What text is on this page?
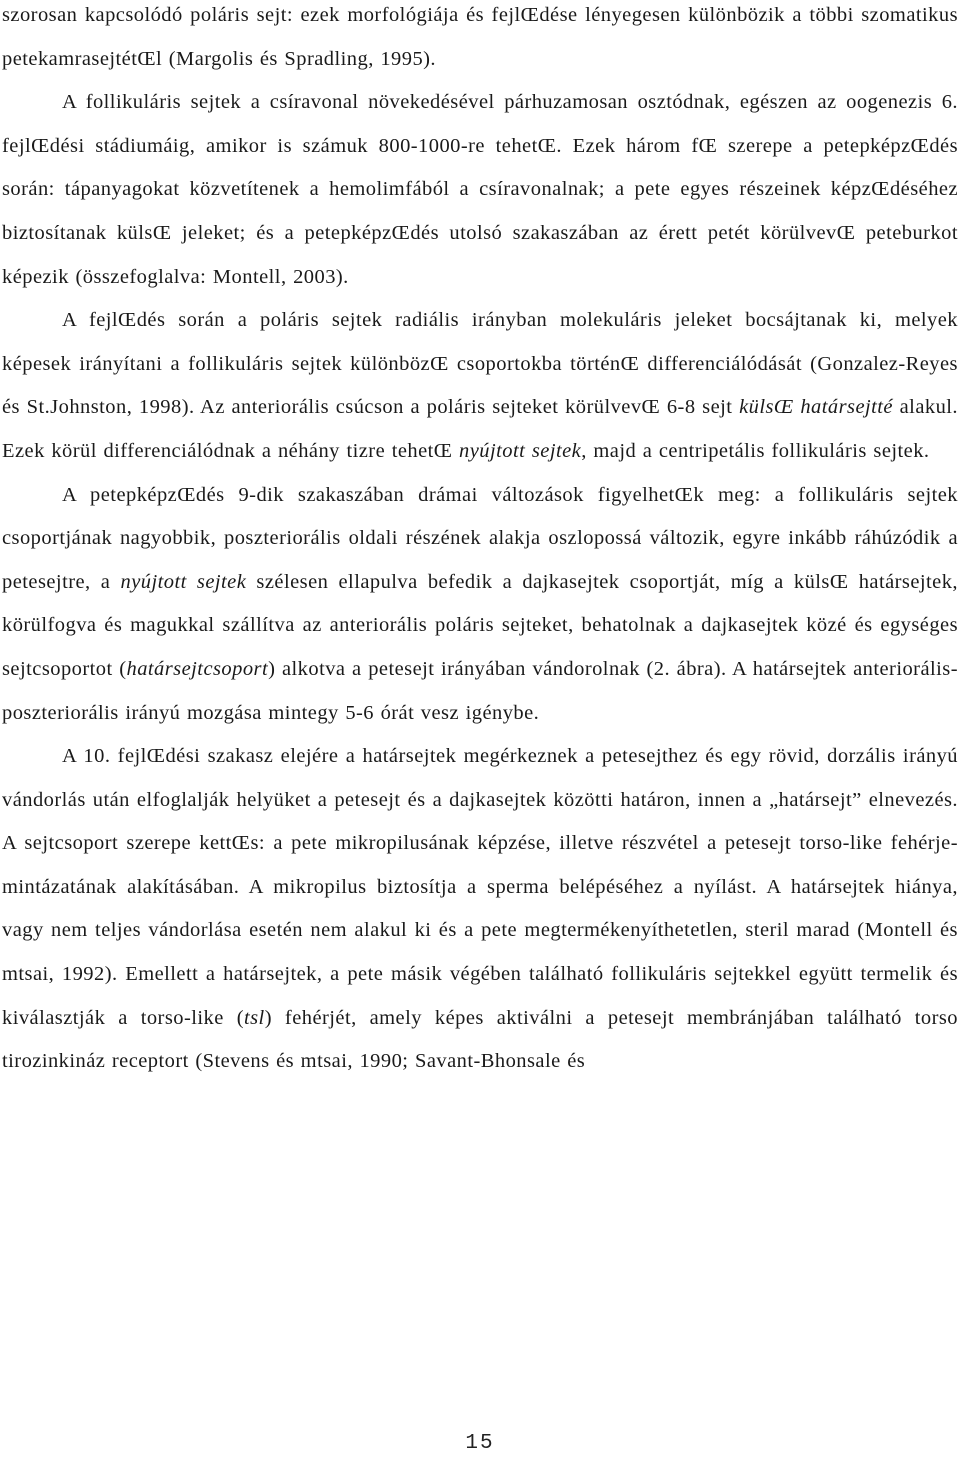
szorosan kapcsolódó poláris sejt: ezek morfológiája és fejlŒdése lényegesen különbözik a többi szomatikus petekamrasejtétŒl (Margolis és Spradling, 1995).

A follikuláris sejtek a csíravonal növekedésével párhuzamosan osztódnak, egészen az oogenezis 6. fejlŒdési stádiumáig, amikor is számuk 800-1000-re tehetŒ. Ezek három fŒ szerepe a petepképzŒdés során: tápanyagokat közvetítenek a hemolimfából a csíravonalnak; a pete egyes részeinek képzŒdéséhez biztosítanak külsŒ jeleket; és a petepképzŒdés utolsó szakaszában az érett petét körülvevŒ peteburkot képezik (összefoglalva: Montell, 2003).

A fejlŒdés során a poláris sejtek radiális irányban molekuláris jeleket bocsájtanak ki, melyek képesek irányítani a follikuláris sejtek különbözŒ csoportokba történŒ differenciálódását (Gonzalez-Reyes és St.Johnston, 1998). Az anteriorális csúcson a poláris sejteket körülvevŒ 6-8 sejt külsŒ határsejtté alakul. Ezek körül differenciálódnak a néhány tizre tehetŒ nyújtott sejtek, majd a centripetális follikuláris sejtek.

A petepképzŒdés 9-dik szakaszában drámai változások figyelhetŒk meg: a follikuláris sejtek csoportjának nagyobbik, poszteriorális oldali részének alakja oszlopossá változik, egyre inkább ráhúzódik a petesejtre, a nyújtott sejtek szélesen ellapulva befedik a dajkasejtek csoportját, míg a külsŒ határsejtek, körülfogva és magukkal szállítva az anteriorális poláris sejteket, behatolnak a dajkasejtek közé és egységes sejtcsoportot (határsejtcsoport) alkotva a petesejt irányában vándorolnak (2. ábra). A határsejtek anteriorális-poszteriorális irányú mozgása mintegy 5-6 órát vesz igénybe.

A 10. fejlŒdési szakasz elejére a határsejtek megérkeznek a petesejthez és egy rövid, dorzális irányú vándorlás után elfoglalják helyüket a petesejt és a dajkasejtek közötti határon, innen a „határsejt” elnevezés. A sejtcsoport szerepe kettŒs: a pete mikropilusának képzése, illetve részvétel a petesejt torso-like fehérje-mintázatának alakításában. A mikropilus biztosítja a sperma belépéséhez a nyílást. A határsejtek hiánya, vagy nem teljes vándorlása esetén nem alakul ki és a pete megtermékenyíthetetlen, steril marad (Montell és mtsai, 1992). Emellett a határsejtek, a pete másik végében található follikuláris sejtekkel együtt termelik és kiválasztják a torso-like (tsl) fehérjét, amely képes aktiválni a petesejt membránjában található torso tirozinkináz receptort (Stevens és mtsai, 1990; Savant-Bhonsale és

15
